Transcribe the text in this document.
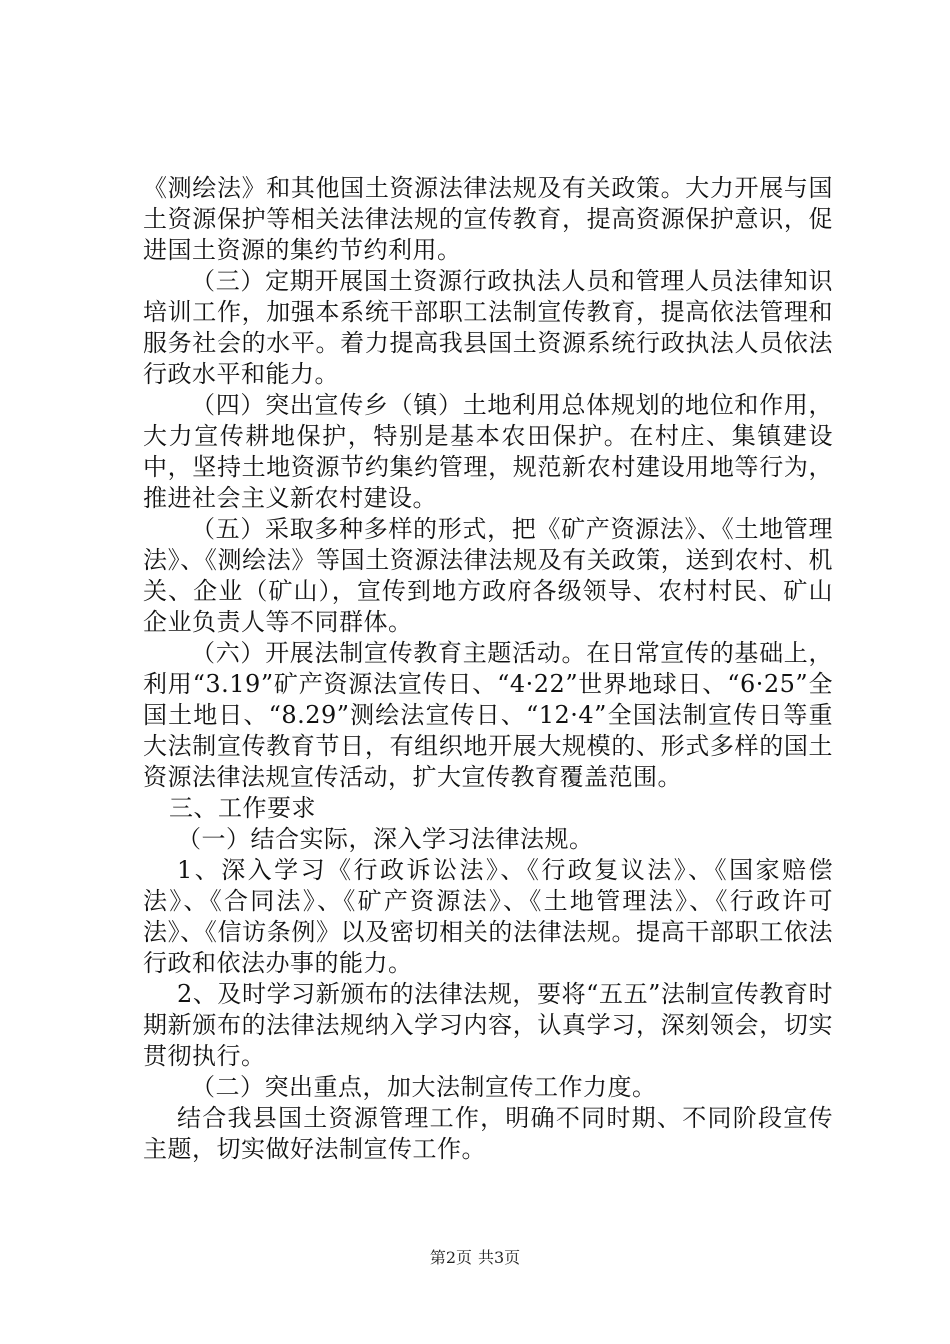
《测绘法》和其他国土资源法律法规及有关政策。大力开展与国土资源保护等相关法律法规的宣传教育，提高资源保护意识，促进国土资源的集约节约利用。

（三）定期开展国土资源行政执法人员和管理人员法律知识培训工作，加强本系统干部职工法制宣传教育，提高依法管理和服务社会的水平。着力提高我县国土资源系统行政执法人员依法行政水平和能力。

（四）突出宣传乡（镇）土地利用总体规划的地位和作用，大力宣传耕地保护，特别是基本农田保护。在村庄、集镇建设中，坚持土地资源节约集约管理，规范新农村建设用地等行为，推进社会主义新农村建设。

（五）采取多种多样的形式，把《矿产资源法》、《土地管理法》、《测绘法》等国土资源法律法规及有关政策，送到农村、机关、企业（矿山），宣传到地方政府各级领导、农村村民、矿山企业负责人等不同群体。

（六）开展法制宣传教育主题活动。在日常宣传的基础上，利用“3.19”矿产资源法宣传日、“4·22”世界地球日、“6·25”全国土地日、“8.29”测绘法宣传日、“12·4”全国法制宣传日等重大法制宣传教育节日，有组织地开展大规模的、形式多样的国土资源法律法规宣传活动，扩大宣传教育覆盖范围。

三、工作要求

（一）结合实际，深入学习法律法规。

1、深入学习《行政诉讼法》、《行政复议法》、《国家赔偿法》、《合同法》、《矿产资源法》、《土地管理法》、《行政许可法》、《信访条例》以及密切相关的法律法规。提高干部职工依法行政和依法办事的能力。

2、及时学习新颁布的法律法规，要将“五五”法制宣传教育时期新颁布的法律法规纳入学习内容，认真学习，深刻领会，切实贯彻执行。

（二）突出重点，加大法制宣传工作力度。

结合我县国土资源管理工作，明确不同时期、不同阶段宣传主题，切实做好法制宣传工作。

第2页 共3页
